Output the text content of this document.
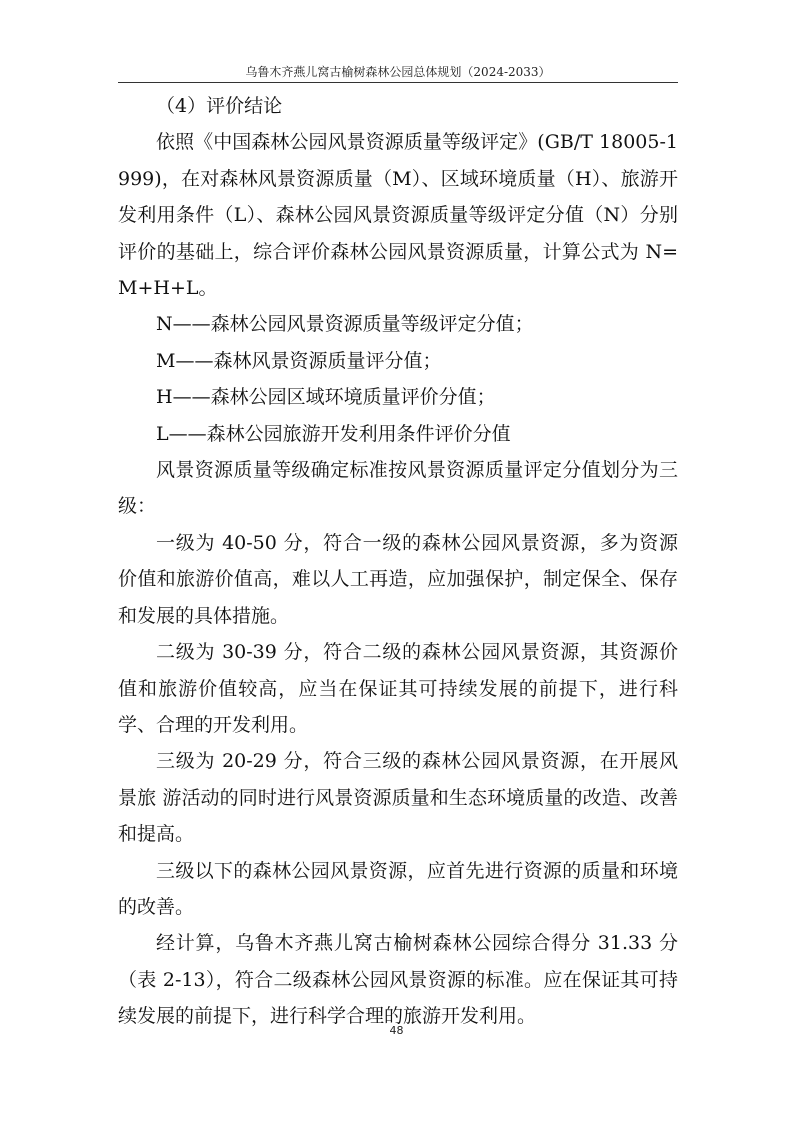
乌鲁木齐燕儿窝古榆树森林公园总体规划（2024-2033）

（4）评价结论

依照《中国森林公园风景资源质量等级评定》(GB/T 18005-1999)，在对森林风景资源质量（M）、区域环境质量（H）、旅游开发利用条件（L）、森林公园风景资源质量等级评定分值（N）分别评价的基础上，综合评价森林公园风景资源质量，计算公式为 N=M+H+L。

N——森林公园风景资源质量等级评定分值；

M——森林风景资源质量评分值；

H——森林公园区域环境质量评价分值；

L——森林公园旅游开发利用条件评价分值

风景资源质量等级确定标准按风景资源质量评定分值划分为三级：

一级为 40-50 分，符合一级的森林公园风景资源，多为资源价值和旅游价值高，难以人工再造，应加强保护，制定保全、保存和发展的具体措施。

二级为 30-39 分，符合二级的森林公园风景资源，其资源价值和旅游价值较高，应当在保证其可持续发展的前提下，进行科学、合理的开发利用。

三级为 20-29 分，符合三级的森林公园风景资源，在开展风景旅 游活动的同时进行风景资源质量和生态环境质量的改造、改善和提高。

三级以下的森林公园风景资源，应首先进行资源的质量和环境的改善。

经计算，乌鲁木齐燕儿窝古榆树森林公园综合得分 31.33 分（表 2-13），符合二级森林公园风景资源的标准。应在保证其可持续发展的前提下，进行科学合理的旅游开发利用。

48
